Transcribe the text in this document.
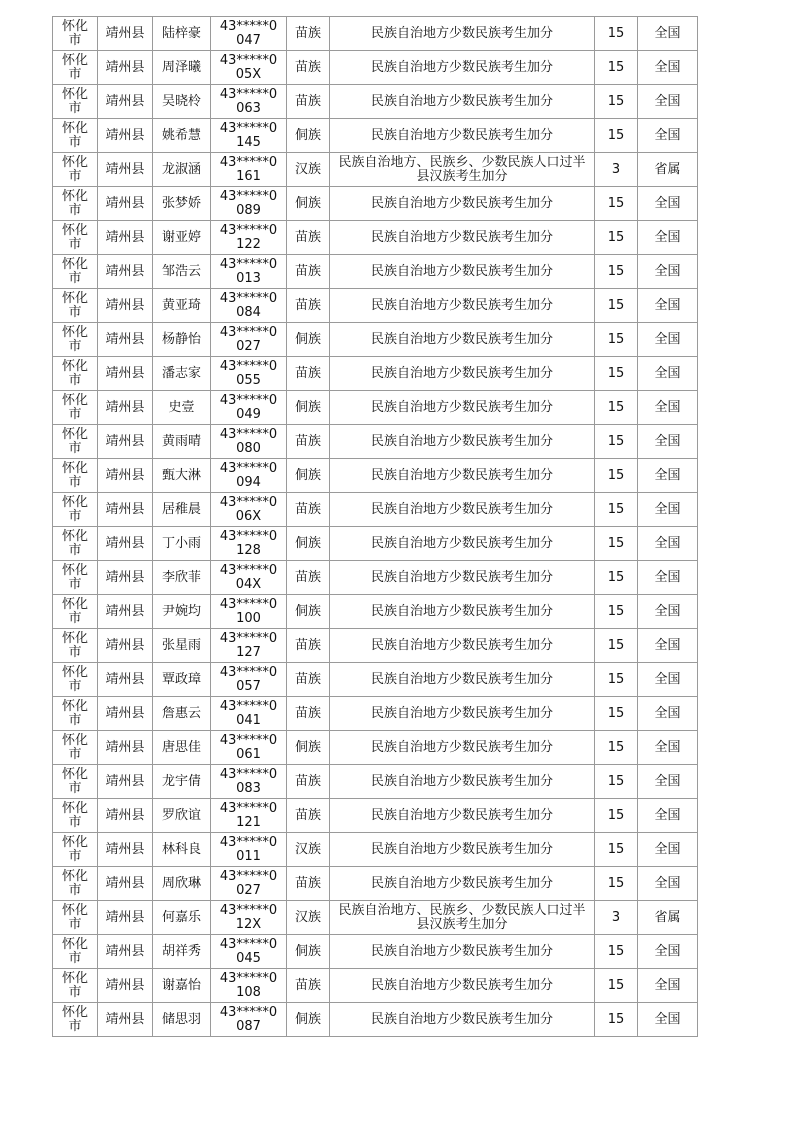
怀化市	靖州县	陆梓豪	43*****0047	苗族	民族自治地方少数民族考生加分	15	全国
怀化市	靖州县	周泽曦	43*****005X	苗族	民族自治地方少数民族考生加分	15	全国
怀化市	靖州县	吴晓柃	43*****0063	苗族	民族自治地方少数民族考生加分	15	全国
怀化市	靖州县	姚希慧	43*****0145	侗族	民族自治地方少数民族考生加分	15	全国
怀化市	靖州县	龙淑涵	43*****0161	汉族	民族自治地方、民族乡、少数民族人口过半县汉族考生加分	3	省属
怀化市	靖州县	张梦娇	43*****0089	侗族	民族自治地方少数民族考生加分	15	全国
怀化市	靖州县	谢亚婷	43*****0122	苗族	民族自治地方少数民族考生加分	15	全国
怀化市	靖州县	邹浩云	43*****0013	苗族	民族自治地方少数民族考生加分	15	全国
怀化市	靖州县	黄亚琦	43*****0084	苗族	民族自治地方少数民族考生加分	15	全国
怀化市	靖州县	杨静怡	43*****0027	侗族	民族自治地方少数民族考生加分	15	全国
怀化市	靖州县	潘志家	43*****0055	苗族	民族自治地方少数民族考生加分	15	全国
怀化市	靖州县	史壹	43*****0049	侗族	民族自治地方少数民族考生加分	15	全国
怀化市	靖州县	黄雨晴	43*****0080	苗族	民族自治地方少数民族考生加分	15	全国
怀化市	靖州县	甄大淋	43*****0094	侗族	民族自治地方少数民族考生加分	15	全国
怀化市	靖州县	居稚晨	43*****006X	苗族	民族自治地方少数民族考生加分	15	全国
怀化市	靖州县	丁小雨	43*****0128	侗族	民族自治地方少数民族考生加分	15	全国
怀化市	靖州县	李欣菲	43*****004X	苗族	民族自治地方少数民族考生加分	15	全国
怀化市	靖州县	尹婉均	43*****0100	侗族	民族自治地方少数民族考生加分	15	全国
怀化市	靖州县	张星雨	43*****0127	苗族	民族自治地方少数民族考生加分	15	全国
怀化市	靖州县	覃政璋	43*****0057	苗族	民族自治地方少数民族考生加分	15	全国
怀化市	靖州县	詹惠云	43*****0041	苗族	民族自治地方少数民族考生加分	15	全国
怀化市	靖州县	唐思佳	43*****0061	侗族	民族自治地方少数民族考生加分	15	全国
怀化市	靖州县	龙宇倩	43*****0083	苗族	民族自治地方少数民族考生加分	15	全国
怀化市	靖州县	罗欣谊	43*****0121	苗族	民族自治地方少数民族考生加分	15	全国
怀化市	靖州县	林科良	43*****0011	汉族	民族自治地方少数民族考生加分	15	全国
怀化市	靖州县	周欣琳	43*****0027	苗族	民族自治地方少数民族考生加分	15	全国
怀化市	靖州县	何嘉乐	43*****012X	汉族	民族自治地方、民族乡、少数民族人口过半县汉族考生加分	3	省属
怀化市	靖州县	胡祥秀	43*****0045	侗族	民族自治地方少数民族考生加分	15	全国
怀化市	靖州县	谢嘉怡	43*****0108	苗族	民族自治地方少数民族考生加分	15	全国
怀化市	靖州县	储思羽	43*****0087	侗族	民族自治地方少数民族考生加分	15	全国
